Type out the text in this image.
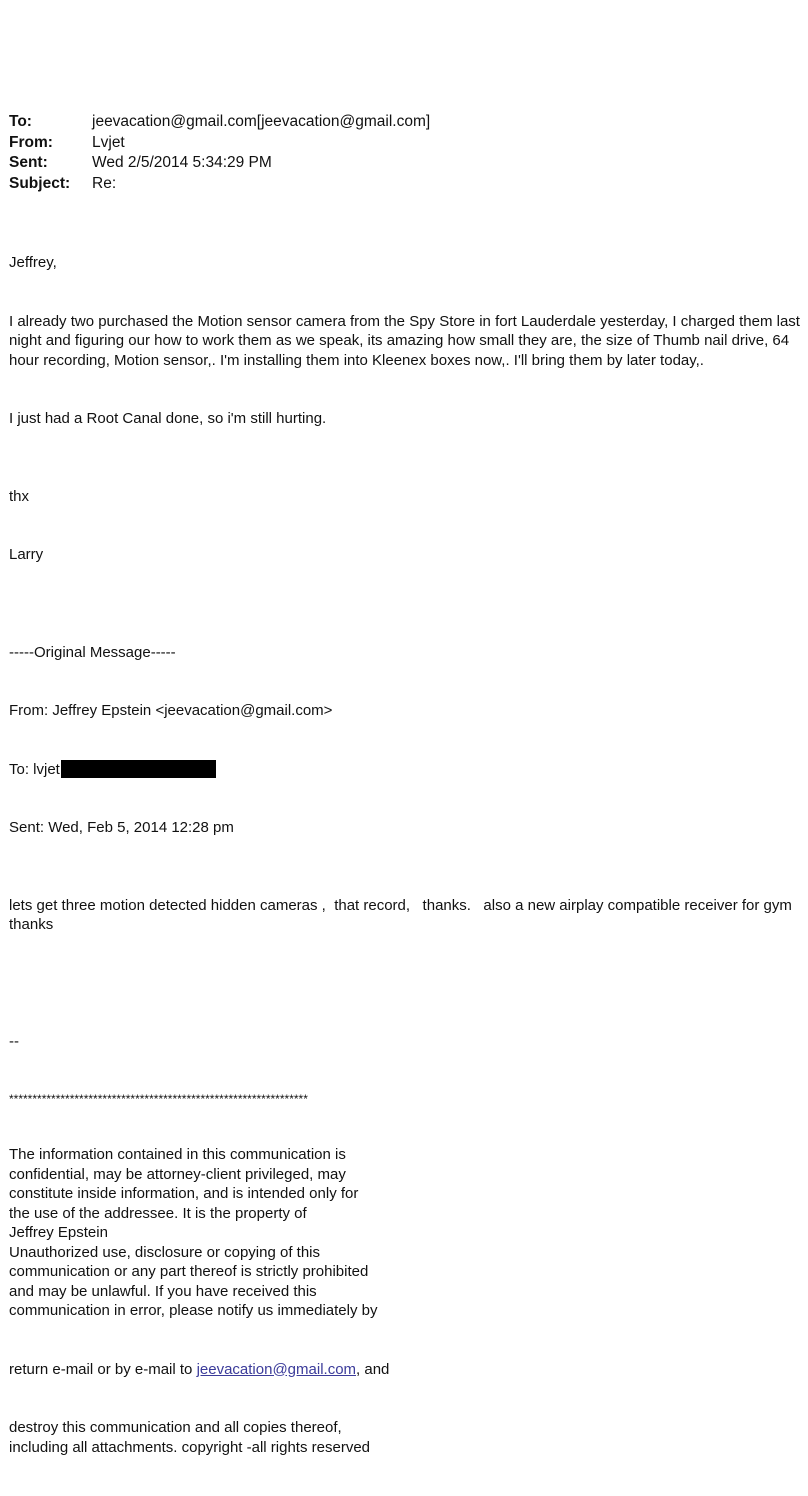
To:	jeevacation@gmail.com[jeevacation@gmail.com]
From:	Lvjet
Sent:	Wed 2/5/2014 5:34:29 PM
Subject:	Re:

Jeffrey,

I already two purchased the Motion sensor camera from the Spy Store in fort Lauderdale yesterday, I charged them last night and figuring our how to work them as we speak, its amazing how small they are, the size of Thumb nail drive, 64 hour recording, Motion sensor,. I'm installing them into Kleenex boxes now,. I'll bring them by later today,.

I just had a Root Canal done, so i'm still hurting.

thx

Larry

-----Original Message-----

From: Jeffrey Epstein <jeevacation@gmail.com>

To: lvjet

Sent: Wed, Feb 5, 2014 12:28 pm

lets get three motion detected hidden cameras ,  that record,   thanks.   also a new airplay compatible receiver for gym thanks

--

****************************************************************

The information contained in this communication is
confidential, may be attorney-client privileged, may
constitute inside information, and is intended only for
the use of the addressee. It is the property of
Jeffrey Epstein
Unauthorized use, disclosure or copying of this
communication or any part thereof is strictly prohibited
and may be unlawful. If you have received this
communication in error, please notify us immediately by

return e-mail or by e-mail to jeevacation@gmail.com, and

destroy this communication and all copies thereof,
including all attachments. copyright -all rights reserved
